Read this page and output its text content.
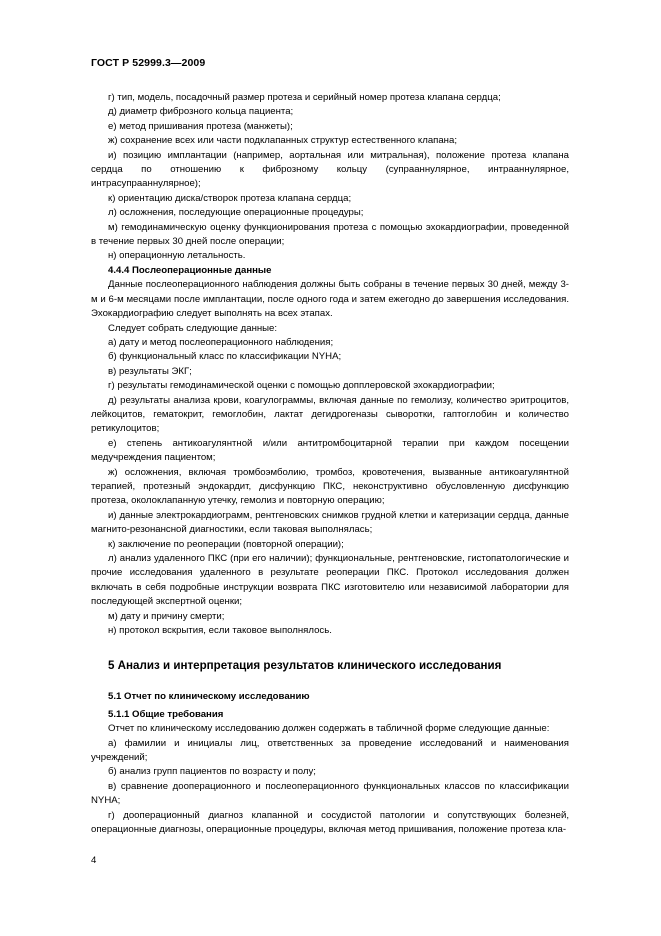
ГОСТ Р 52999.3—2009

г) тип, модель, посадочный размер протеза и серийный номер протеза клапана сердца;

д) диаметр фиброзного кольца пациента;

е) метод пришивания протеза (манжеты);

ж) сохранение всех или части подклапанных структур естественного клапана;

и) позицию имплантации (например, аортальная или митральная), положение протеза клапана сердца по отношению к фиброзному кольцу (супрааннулярное, интрааннулярное, интрасупрааннулярное);

к) ориентацию диска/створок протеза клапана сердца;

л) осложнения, последующие операционные процедуры;

м) гемодинамическую оценку функционирования протеза с помощью эхокардиографии, проведенной в течение первых 30 дней после операции;

н) операционную летальность.

4.4.4 Послеоперационные данные

Данные послеоперационного наблюдения должны быть собраны в течение первых 30 дней, между 3-м и 6-м месяцами после имплантации, после одного года и затем ежегодно до завершения исследования. Эхокардиографию следует выполнять на всех этапах.

Следует собрать следующие данные:

а) дату и метод послеоперационного наблюдения;

б) функциональный класс по классификации NYHA;

в) результаты ЭКГ;

г) результаты гемодинамической оценки с помощью допплеровской эхокардиографии;

д) результаты анализа крови, коагулограммы, включая данные по гемолизу, количество эритроцитов, лейкоцитов, гематокрит, гемоглобин, лактат дегидрогеназы сыворотки, гаптоглобин и количество ретикулоцитов;

е) степень антикоагулянтной и/или антитромбоцитарной терапии при каждом посещении медучреждения пациентом;

ж) осложнения, включая тромбоэмболию, тромбоз, кровотечения, вызванные антикоагулянтной терапией, протезный эндокардит, дисфункцию ПКС, неконструктивно обусловленную дисфункцию протеза, околоклапанную утечку, гемолиз и повторную операцию;

и) данные электрокардиограмм, рентгеновских снимков грудной клетки и катеризации сердца, данные магнито-резонансной диагностики, если таковая выполнялась;

к) заключение по реоперации (повторной операции);

л) анализ удаленного ПКС (при его наличии); функциональные, рентгеновские, гистопатологические и прочие исследования удаленного в результате реоперации ПКС. Протокол исследования должен включать в себя подробные инструкции возврата ПКС изготовителю или независимой лаборатории для последующей экспертной оценки;

м) дату и причину смерти;

н) протокол вскрытия, если таковое выполнялось.

5 Анализ и интерпретация результатов клинического исследования

5.1 Отчет по клиническому исследованию

5.1.1 Общие требования

Отчет по клиническому исследованию должен содержать в табличной форме следующие данные:

а) фамилии и инициалы лиц, ответственных за проведение исследований и наименования учреждений;

б) анализ групп пациентов по возрасту и полу;

в) сравнение дооперационного и послеоперационного функциональных классов по классификации NYHA;

г) дооперационный диагноз клапанной и сосудистой патологии и сопутствующих болезней, операционные диагнозы, операционные процедуры, включая метод пришивания, положение протеза кла-

4
